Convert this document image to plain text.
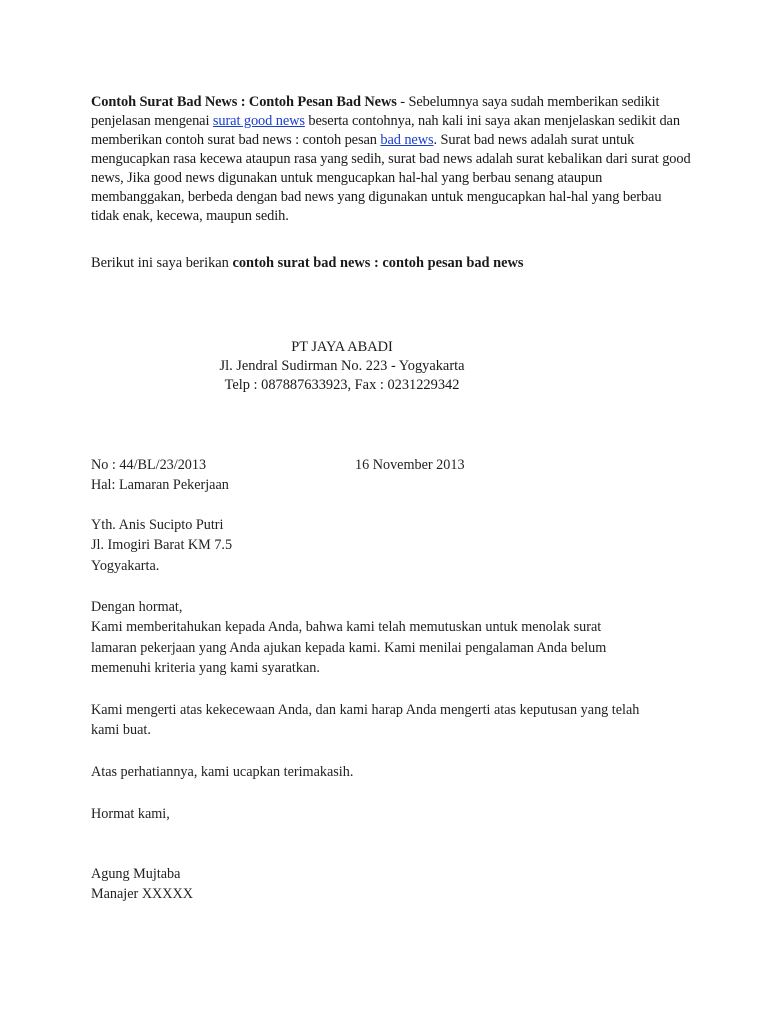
Contoh Surat Bad News : Contoh Pesan Bad News - Sebelumnya saya sudah memberikan sedikit penjelasan mengenai surat good news beserta contohnya, nah kali ini saya akan menjelaskan sedikit dan memberikan contoh surat bad news : contoh pesan bad news. Surat bad news adalah surat untuk mengucapkan rasa kecewa ataupun rasa yang sedih, surat bad news adalah surat kebalikan dari surat good news, Jika good news digunakan untuk mengucapkan hal-hal yang berbau senang ataupun membanggakan, berbeda dengan bad news yang digunakan untuk mengucapkan hal-hal yang berbau tidak enak, kecewa, maupun sedih.

Berikut ini saya berikan contoh surat bad news : contoh pesan bad news

PT JAYA ABADI
Jl. Jendral Sudirman No. 223 - Yogyakarta
Telp : 087887633923, Fax : 0231229342
No : 44/BL/23/2013	16 November 2013
Hal: Lamaran Pekerjaan
Yth. Anis Sucipto Putri
Jl. Imogiri Barat KM 7.5
Yogyakarta.
Dengan hormat,
Kami memberitahukan kepada Anda, bahwa kami telah memutuskan untuk menolak surat
lamaran pekerjaan yang Anda ajukan kepada kami. Kami menilai pengalaman Anda belum
memenuhi kriteria yang kami syaratkan.
Kami mengerti atas kekecewaan Anda, dan kami harap Anda mengerti atas keputusan yang telah
kami buat.
Atas perhatiannya, kami ucapkan terimakasih.
Hormat kami,
Agung Mujtaba
Manajer XXXXX
